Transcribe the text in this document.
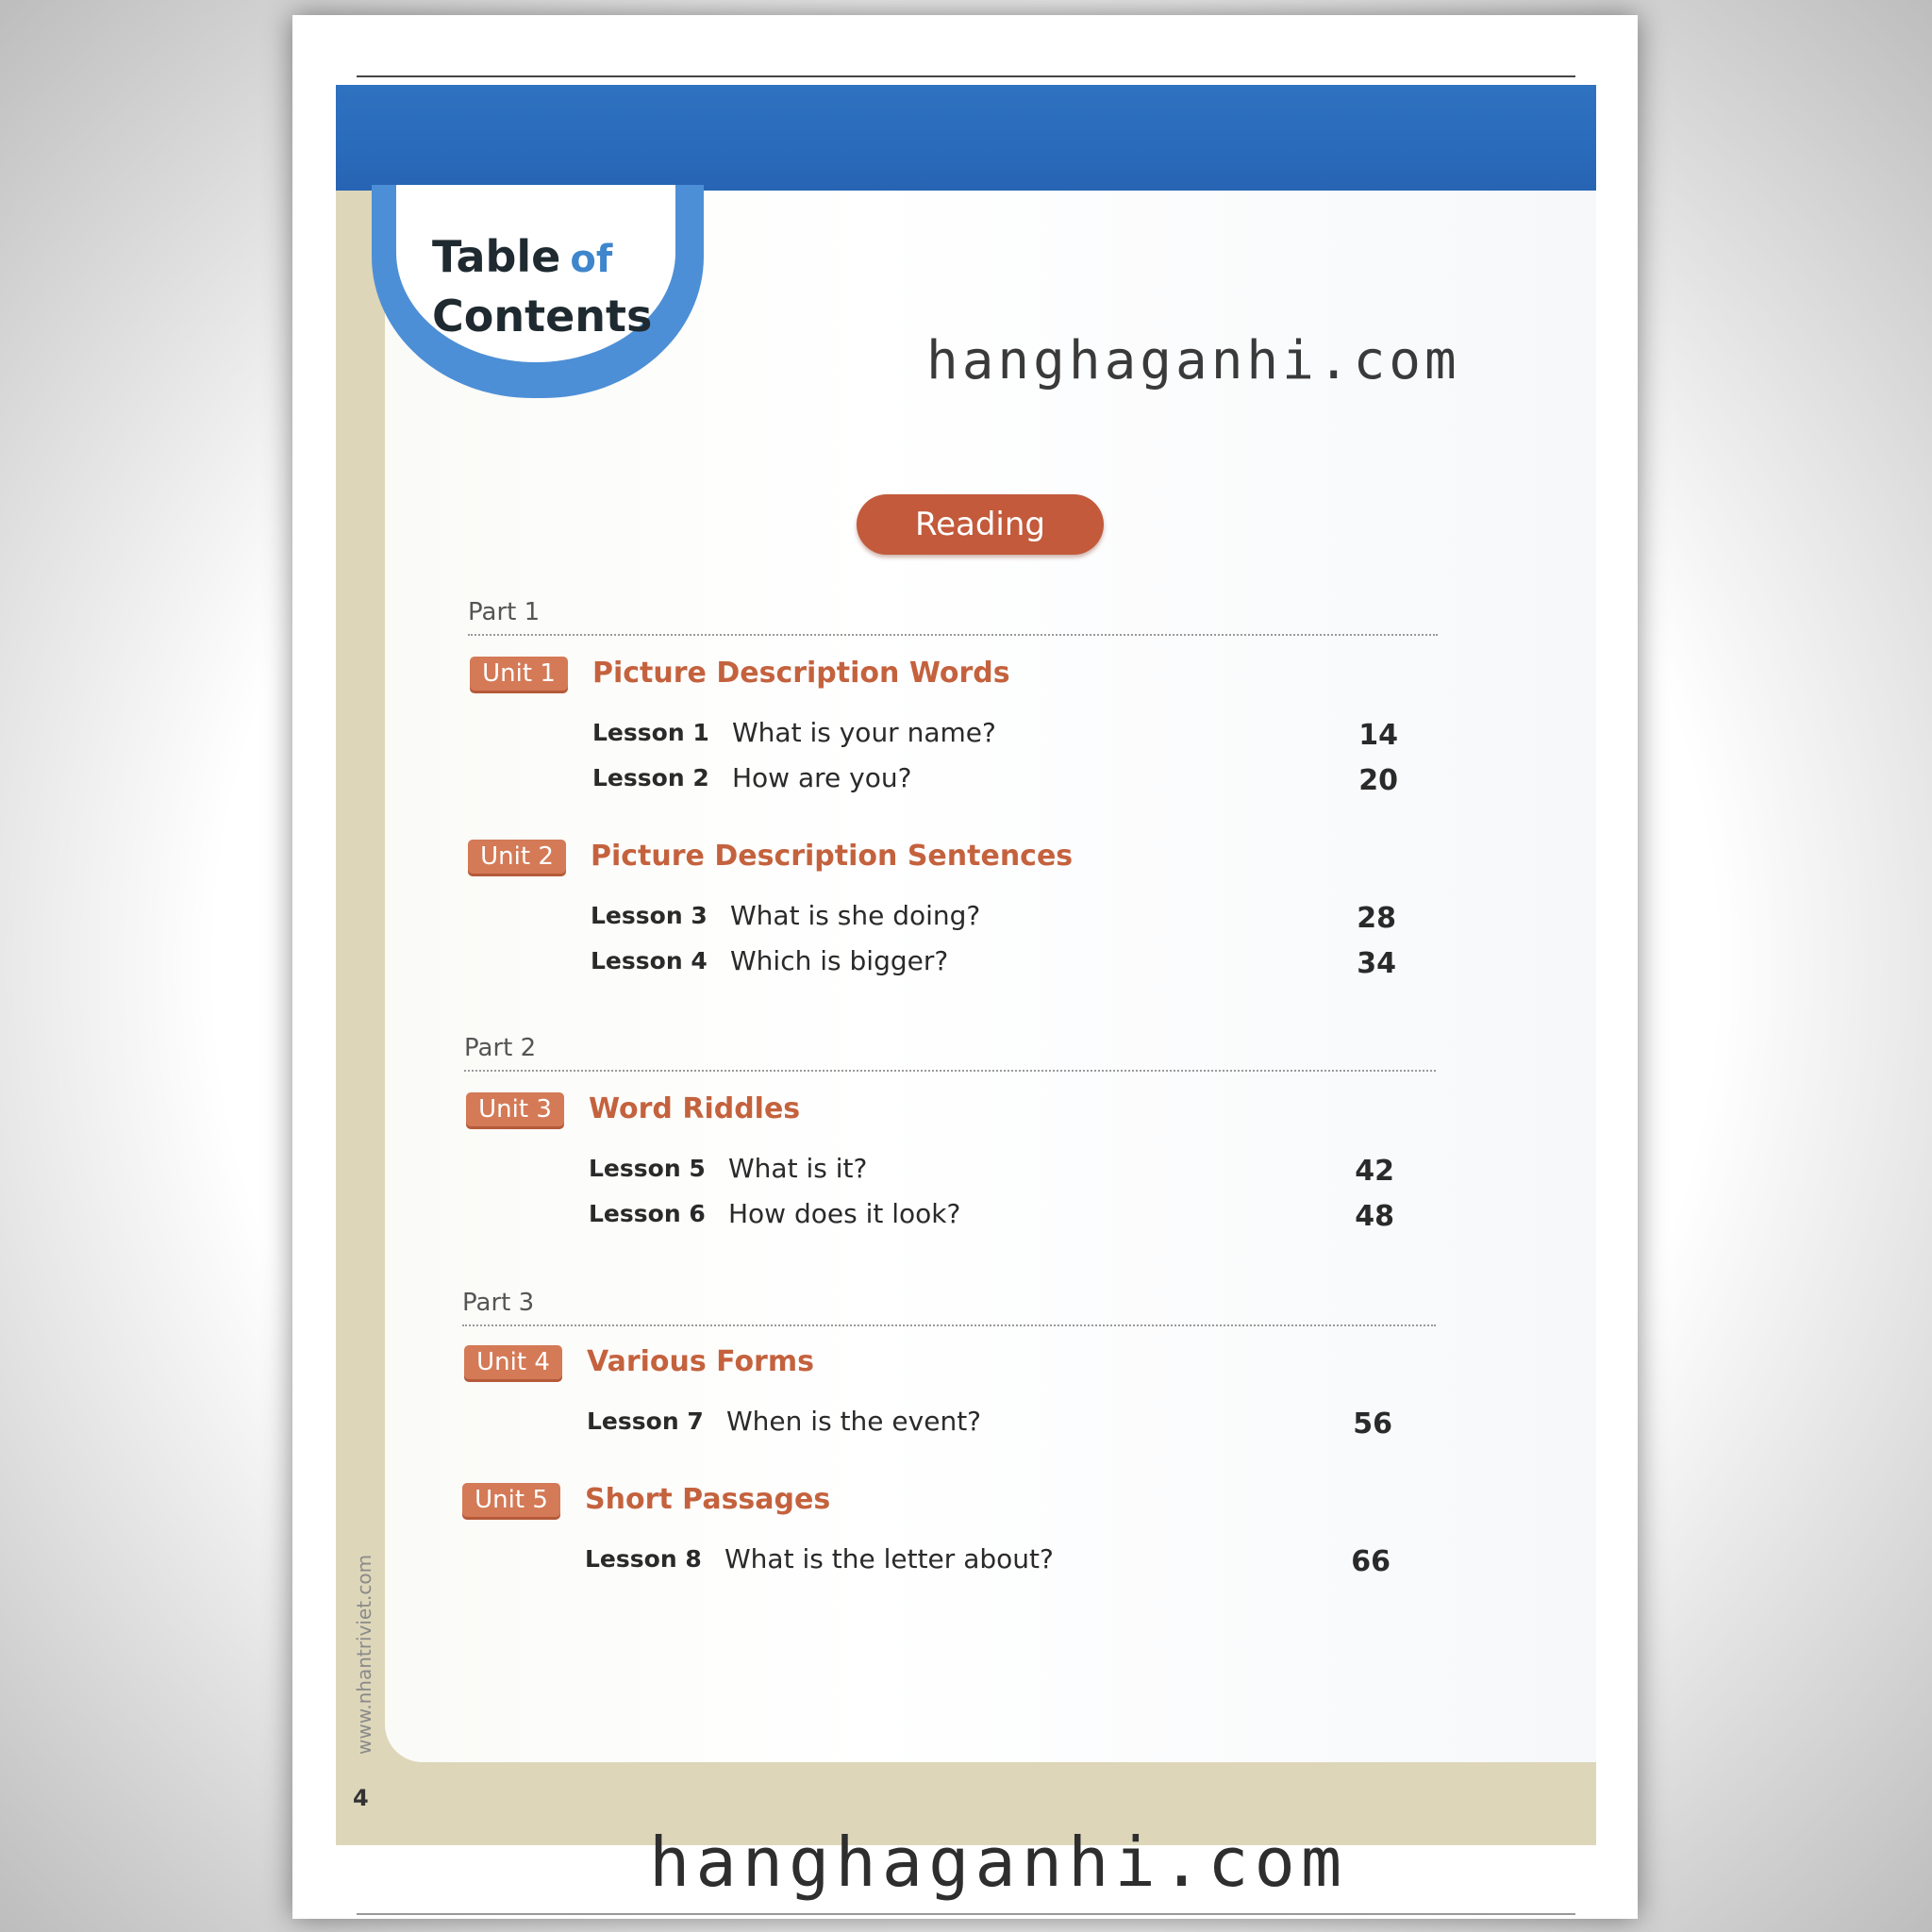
Table of
Contents
hanghaganhi.com
Reading
Part 1
Unit 1	Picture Description Words
Lesson 1 What is your name?	14
Lesson 2 How are you?	20
Unit 2	Picture Description Sentences
Lesson 3 What is she doing?	28
Lesson 4 Which is bigger?	34
Part 2
Unit 3	Word Riddles
Lesson 5 What is it?	42
Lesson 6 How does it look?	48
Part 3
Unit 4	Various Forms
Lesson 7 When is the event?	56
Unit 5	Short Passages
Lesson 8 What is the letter about?	66
www.nhantriviet.com
4
hanghaganhi.com
